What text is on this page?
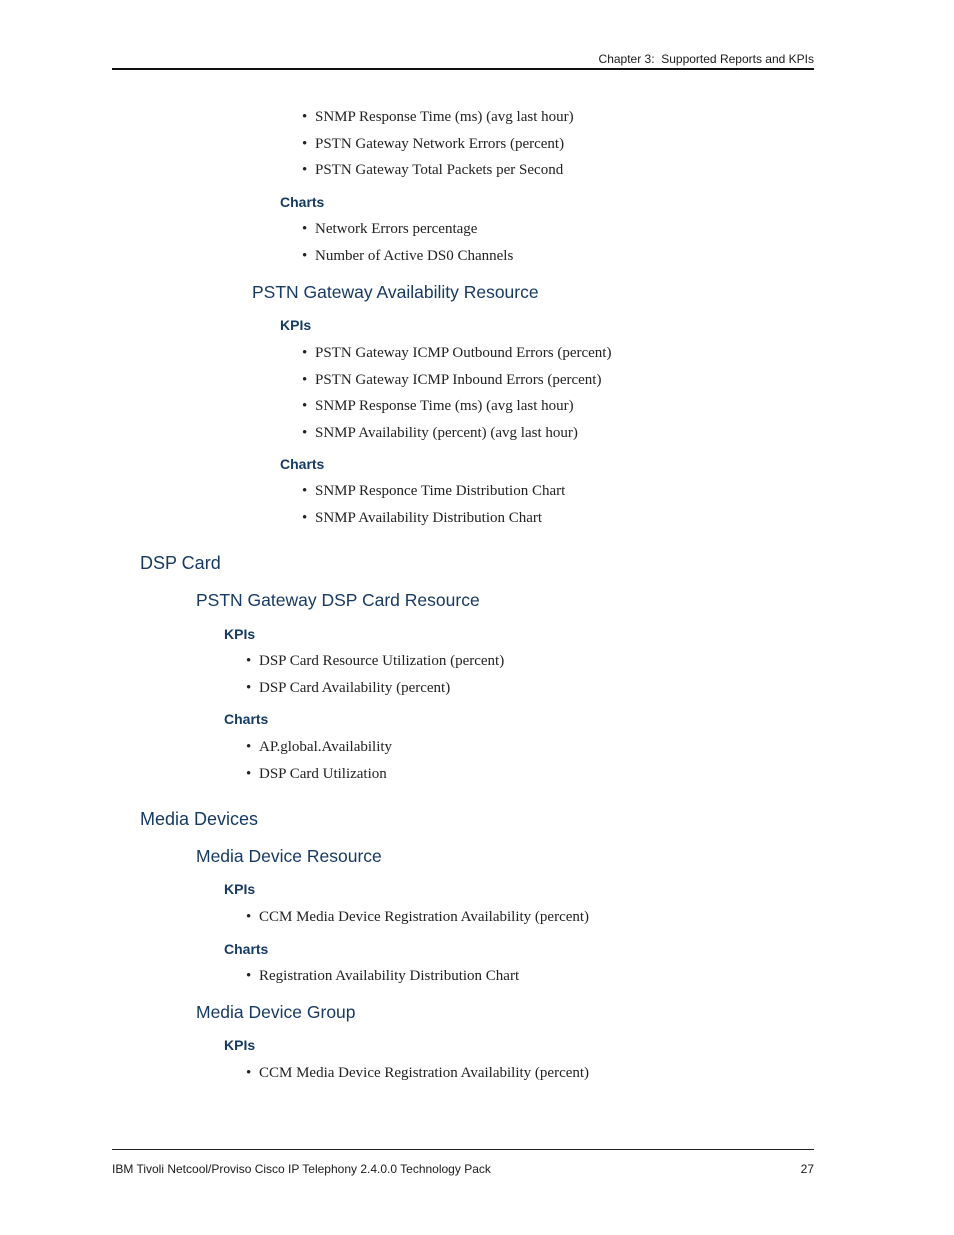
Chapter 3:  Supported Reports and KPIs
• SNMP Response Time (ms) (avg last hour)
• PSTN Gateway Network Errors (percent)
• PSTN Gateway Total Packets per Second
Charts
• Network Errors percentage
• Number of Active DS0 Channels
PSTN Gateway Availability Resource
KPIs
• PSTN Gateway ICMP Outbound Errors (percent)
• PSTN Gateway ICMP Inbound Errors (percent)
• SNMP Response Time (ms) (avg last hour)
• SNMP Availability (percent) (avg last hour)
Charts
• SNMP Responce Time Distribution Chart
• SNMP Availability Distribution Chart
DSP Card
PSTN Gateway DSP Card Resource
KPIs
• DSP Card Resource Utilization (percent)
• DSP Card Availability (percent)
Charts
• AP.global.Availability
• DSP Card Utilization
Media Devices
Media Device Resource
KPIs
• CCM Media Device Registration Availability (percent)
Charts
• Registration Availability Distribution Chart
Media Device Group
KPIs
• CCM Media Device Registration Availability (percent)
IBM Tivoli Netcool/Proviso Cisco IP Telephony 2.4.0.0 Technology Pack	27
